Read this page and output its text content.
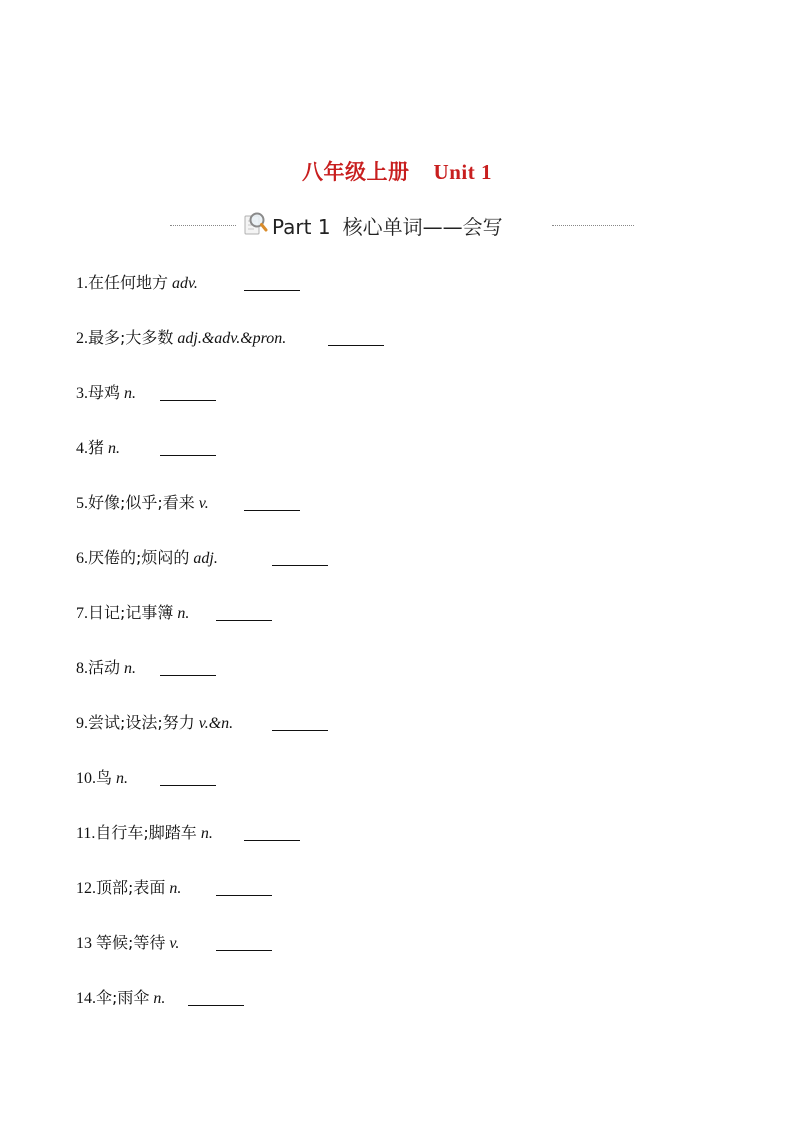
八年级上册 Unit 1
Part 1 核心单词——会写
1.在任何地方 adv.
2.最多;大多数 adj.&adv.&pron.
3.母鸡 n.
4.猪 n.
5.好像;似乎;看来 v.
6.厌倦的;烦闷的 adj.
7.日记;记事簿 n.
8.活动 n.
9.尝试;设法;努力 v.&n.
10.鸟 n.
11.自行车;脚踏车 n.
12.顶部;表面 n.
13 等候;等待 v.
14.伞;雨伞 n.
